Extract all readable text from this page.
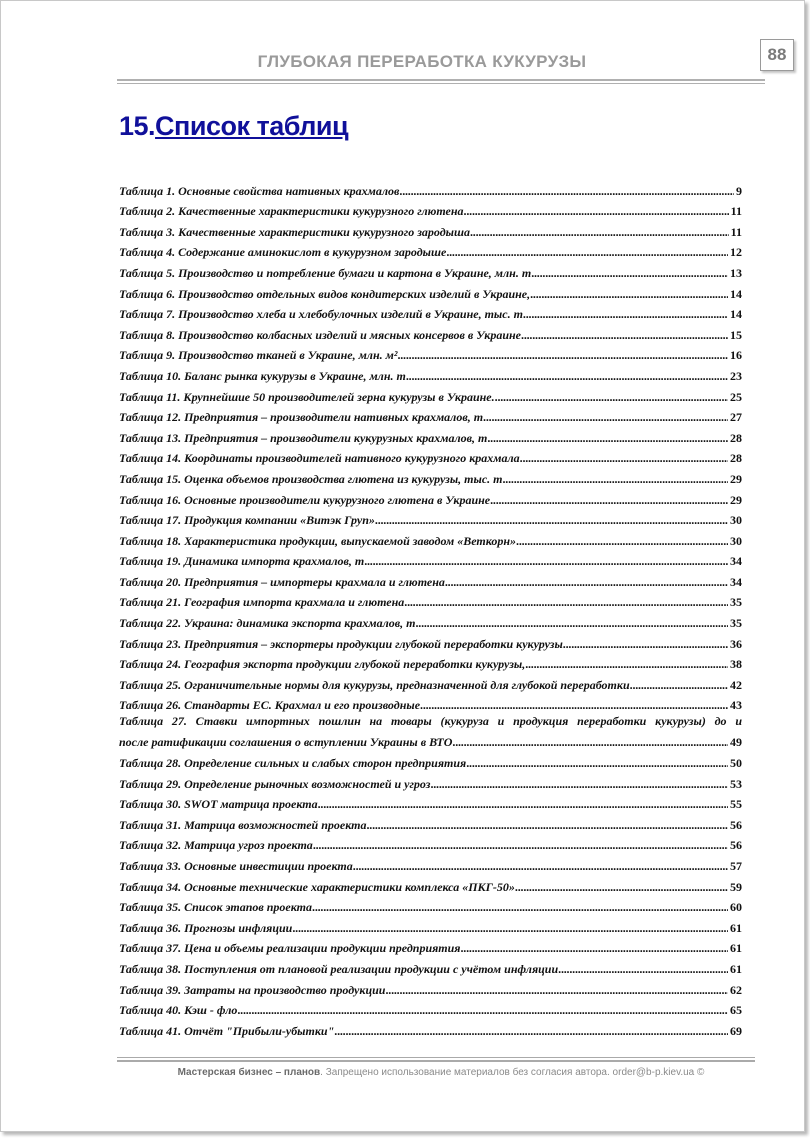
ГЛУБОКАЯ ПЕРЕРАБОТКА КУКУРУЗЫ	88
15.Список таблиц
Таблица 1. Основные свойства нативных крахмалов . . .	9
Таблица 2. Качественные характеристики кукурузного глютена . . .	11
Таблица 3. Качественные характеристики кукурузного зародыша . . .	11
Таблица 4. Содержание аминокислот в кукурузном зародыше . . .	12
Таблица 5. Производство и потребление бумаги и картона в Украине, млн. т . . .	13
Таблица 6. Производство отдельных видов кондитерских изделий в Украине, . . .	14
Таблица 7. Производство хлеба и хлебобулочных изделий в Украине, тыс. т . . .	14
Таблица 8. Производство колбасных изделий и мясных консервов в Украине . . .	15
Таблица 9. Производство тканей в Украине, млн. м² . . .	16
Таблица 10. Баланс рынка кукурузы в Украине, млн. т . . .	23
Таблица 11. Крупнейшие 50 производителей зерна кукурузы в Украине. . . .	25
Таблица 12. Предприятия – производители нативных крахмалов, т . . .	27
Таблица 13. Предприятия – производители кукурузных крахмалов, т . . .	28
Таблица 14. Координаты производителей нативного кукурузного крахмала . . .	28
Таблица 15. Оценка объемов производства глютена из кукурузы, тыс. т . . .	29
Таблица 16. Основные производители кукурузного глютена в Украине . . .	29
Таблица 17. Продукция компании «Витэк Груп» . . .	30
Таблица 18. Характеристика продукции, выпускаемой заводом «Веткорн» . . .	30
Таблица 19. Динамика импорта крахмалов, т . . .	34
Таблица 20. Предприятия – импортеры крахмала и глютена . . .	34
Таблица 21. География импорта крахмала и глютена . . .	35
Таблица 22. Украина: динамика экспорта крахмалов, т . . .	35
Таблица 23. Предприятия – экспортеры продукции глубокой переработки кукурузы . . .	36
Таблица 24. География экспорта продукции глубокой переработки кукурузы, . . .	38
Таблица 25. Ограничительные нормы для кукурузы, предназначенной для глубокой переработки . . .	42
Таблица 26. Стандарты ЕС. Крахмал и его производные . . .	43
Таблица 27. Ставки импортных пошлин на товары (кукуруза и продукция переработки кукурузы) до и
после ратификации соглашения о вступлении Украины в ВТО . . .	49
Таблица 28. Определение сильных и слабых сторон предприятия . . .	50
Таблица 29. Определение рыночных возможностей и угроз . . .	53
Таблица 30. SWOT матрица проекта . . .	55
Таблица 31. Матрица возможностей проекта . . .	56
Таблица 32. Матрица угроз проекта . . .	56
Таблица 33. Основные инвестиции проекта . . .	57
Таблица 34. Основные технические характеристики комплекса «ПКГ-50» . . .	59
Таблица 35. Список этапов проекта . . .	60
Таблица 36. Прогнозы инфляции . . .	61
Таблица 37. Цена и объемы реализации продукции предприятия . . .	61
Таблица 38. Поступления от плановой реализации продукции с учётом инфляции . . .	61
Таблица 39. Затраты на производство продукции . . .	62
Таблица 40. Кэш - фло . . .	65
Таблица 41. Отчёт "Прибыли-убытки" . . .	69
Мастерская бизнес – планов. Запрещено использование материалов без согласия автора. order@b-p.kiev.ua ©
